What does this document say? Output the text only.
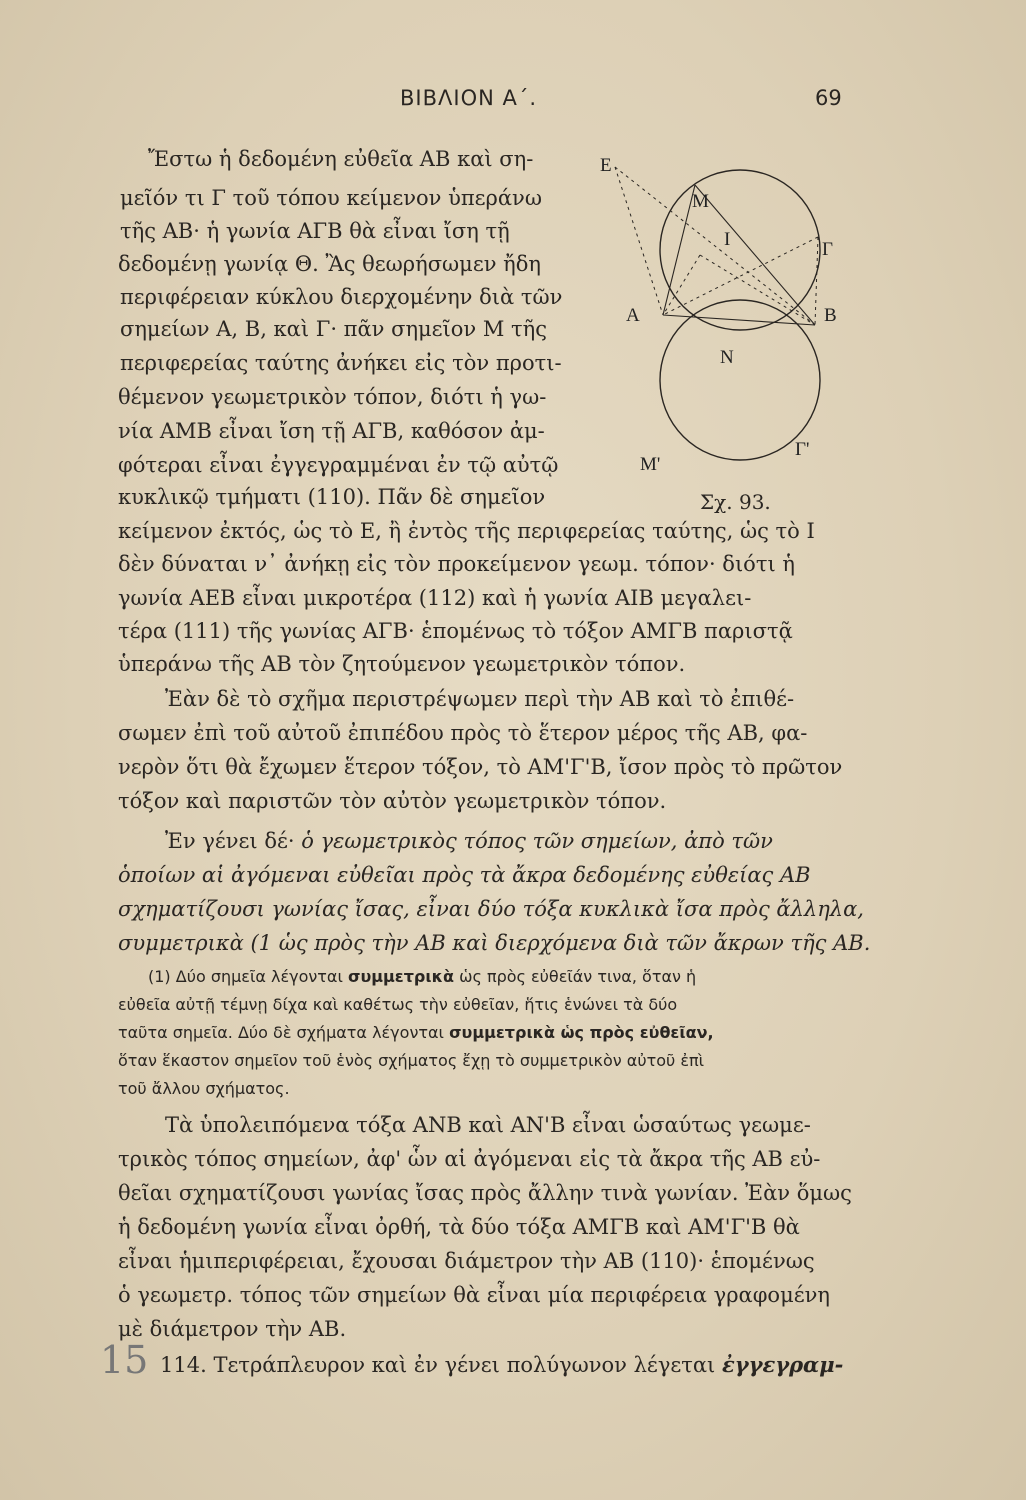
ΒΙΒΛΙΟΝ Α΄.	69
Ε
Μ
Ι	Γ
Α	Β
Ν
Γ'
Μ'
Σχ. 93.
Ἔστω ἡ δεδομένη εὐθεῖα ΑΒ καὶ ση-
μεῖόν τι Γ τοῦ τόπου κείμενον ὑπεράνω
τῆς ΑΒ· ἡ γωνία ΑΓΒ θὰ εἶναι ἴση τῇ
δεδομένῃ γωνίᾳ Θ. Ἂς θεωρήσωμεν ἤδη
περιφέρειαν κύκλου διερχομένην διὰ τῶν
σημείων Α, Β, καὶ Γ· πᾶν σημεῖον Μ τῆς
περιφερείας ταύτης ἀνήκει εἰς τὸν προτι-
θέμενον γεωμετρικὸν τόπον, διότι ἡ γω-
νία ΑΜΒ εἶναι ἴση τῇ ΑΓΒ, καθόσον ἀμ-
φότεραι εἶναι ἐγγεγραμμέναι ἐν τῷ αὐτῷ
κυκλικῷ τμήματι (110). Πᾶν δὲ σημεῖον
κείμενον ἐκτός, ὡς τὸ Ε, ἢ ἐντὸς τῆς περιφερείας ταύτης, ὡς τὸ Ι
δὲν δύναται ν᾽ ἀνήκῃ εἰς τὸν προκείμενον γεωμ. τόπον· διότι ἡ
γωνία ΑΕΒ εἶναι μικροτέρα (112) καὶ ἡ γωνία ΑΙΒ μεγαλει-
τέρα (111) τῆς γωνίας ΑΓΒ· ἑπομένως τὸ τόξον ΑΜΓΒ παριστᾷ
ὑπεράνω τῆς ΑΒ τὸν ζητούμενον γεωμετρικὸν τόπον.
Ἐὰν δὲ τὸ σχῆμα περιστρέψωμεν περὶ τὴν ΑΒ καὶ τὸ ἐπιθέ-
σωμεν ἐπὶ τοῦ αὐτοῦ ἐπιπέδου πρὸς τὸ ἕτερον μέρος τῆς ΑΒ, φα-
νερὸν ὅτι θὰ ἔχωμεν ἕτερον τόξον, τὸ ΑΜ'Γ'Β, ἴσον πρὸς τὸ πρῶτον
τόξον καὶ παριστῶν τὸν αὐτὸν γεωμετρικὸν τόπον.
Ἐν γένει δέ· ὁ γεωμετρικὸς τόπος τῶν σημείων, ἀπὸ τῶν
ὁποίων αἱ ἀγόμεναι εὐθεῖαι πρὸς τὰ ἄκρα δεδομένης εὐθείας ΑΒ
σχηματίζουσι γωνίας ἴσας, εἶναι δύο τόξα κυκλικὰ ἴσα πρὸς ἄλληλα,
συμμετρικὰ (1 ὡς πρὸς τὴν ΑΒ καὶ διερχόμενα διὰ τῶν ἄκρων τῆς ΑΒ.
(1) Δύο σημεῖα λέγονται συμμετρικὰ ὡς πρὸς εὐθεῖάν τινα, ὅταν ἡ
εὐθεῖα αὐτῇ τέμνῃ δίχα καὶ καθέτως τὴν εὐθεῖαν, ἥτις ἑνώνει τὰ δύο
ταῦτα σημεῖα. Δύο δὲ σχήματα λέγονται συμμετρικὰ ὡς πρὸς εὐθεῖαν,
ὅταν ἕκαστον σημεῖον τοῦ ἑνὸς σχήματος ἔχῃ τὸ συμμετρικὸν αὐτοῦ ἐπὶ
τοῦ ἄλλου σχήματος.
Τὰ ὑπολειπόμενα τόξα ΑΝΒ καὶ ΑΝ'Β εἶναι ὡσαύτως γεωμε-
τρικὸς τόπος σημείων, ἀφ' ὧν αἱ ἀγόμεναι εἰς τὰ ἄκρα τῆς ΑΒ εὐ-
θεῖαι σχηματίζουσι γωνίας ἴσας πρὸς ἄλλην τινὰ γωνίαν. Ἐὰν ὅμως
ἡ δεδομένη γωνία εἶναι ὀρθή, τὰ δύο τόξα ΑΜΓΒ καὶ ΑΜ'Γ'Β θὰ
εἶναι ἡμιπεριφέρειαι, ἔχουσαι διάμετρον τὴν ΑΒ (110)· ἑπομένως
ὁ γεωμετρ. τόπος τῶν σημείων θὰ εἶναι μία περιφέρεια γραφομένη
μὲ διάμετρον τὴν ΑΒ.
114. Τετράπλευρον καὶ ἐν γένει πολύγωνον λέγεται ἐγγεγραμ-
15
